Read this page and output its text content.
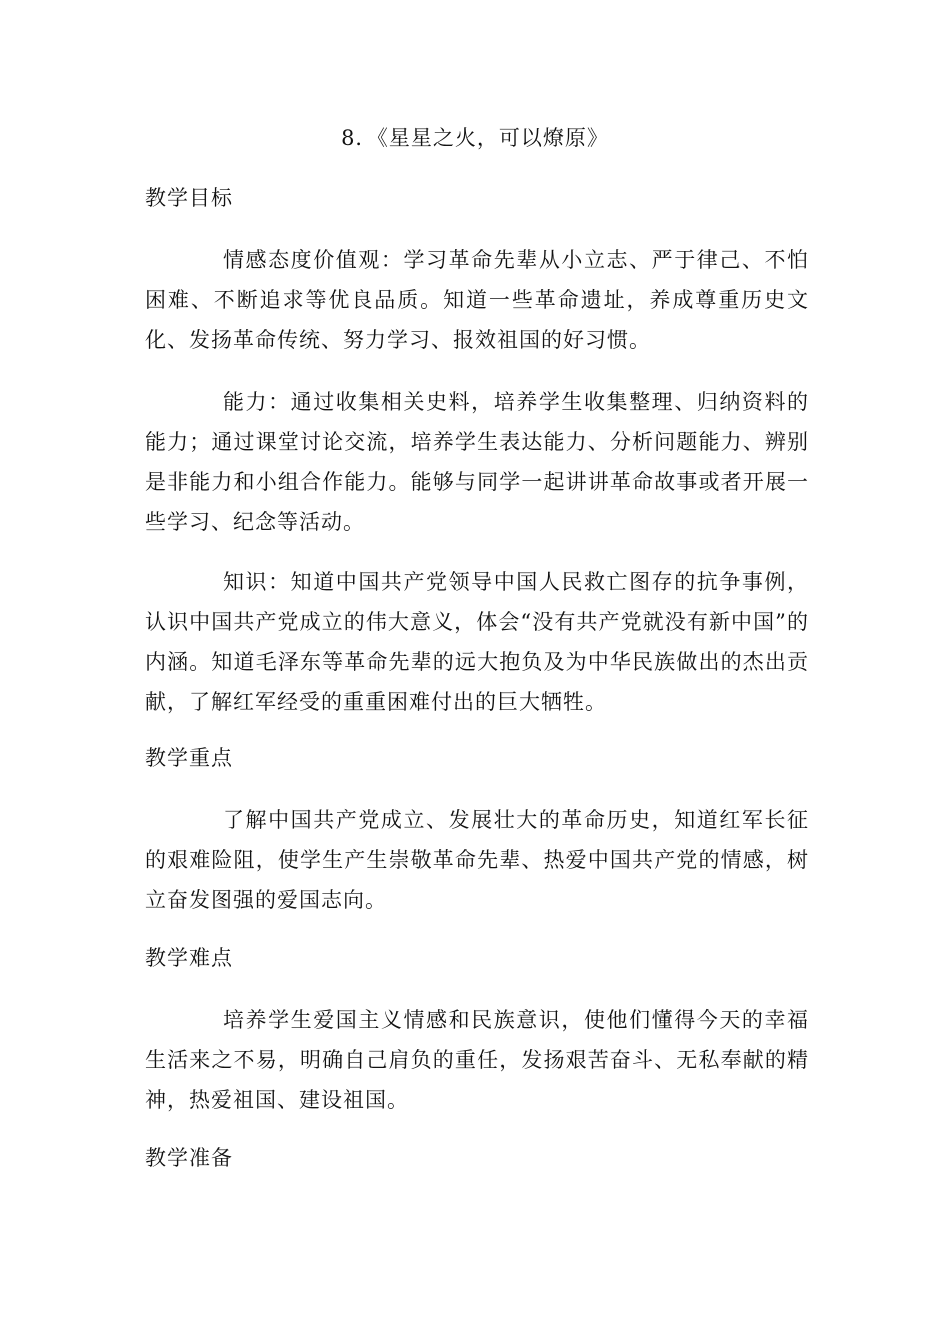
8．《星星之火，可以燎原》
教学目标
情感态度价值观：学习革命先辈从小立志、严于律己、不怕困难、不断追求等优良品质。知道一些革命遗址，养成尊重历史文化、发扬革命传统、努力学习、报效祖国的好习惯。
能力：通过收集相关史料，培养学生收集整理、归纳资料的能力；通过课堂讨论交流，培养学生表达能力、分析问题能力、辨别是非能力和小组合作能力。能够与同学一起讲讲革命故事或者开展一些学习、纪念等活动。
知识：知道中国共产党领导中国人民救亡图存的抗争事例，认识中国共产党成立的伟大意义，体会“没有共产党就没有新中国”的内涵。知道毛泽东等革命先辈的远大抱负及为中华民族做出的杰出贡献，了解红军经受的重重困难付出的巨大牺牲。
教学重点
了解中国共产党成立、发展壮大的革命历史，知道红军长征的艰难险阻，使学生产生崇敬革命先辈、热爱中国共产党的情感，树立奋发图强的爱国志向。
教学难点
培养学生爱国主义情感和民族意识，使他们懂得今天的幸福生活来之不易，明确自己肩负的重任，发扬艰苦奋斗、无私奉献的精神，热爱祖国、建设祖国。
教学准备
